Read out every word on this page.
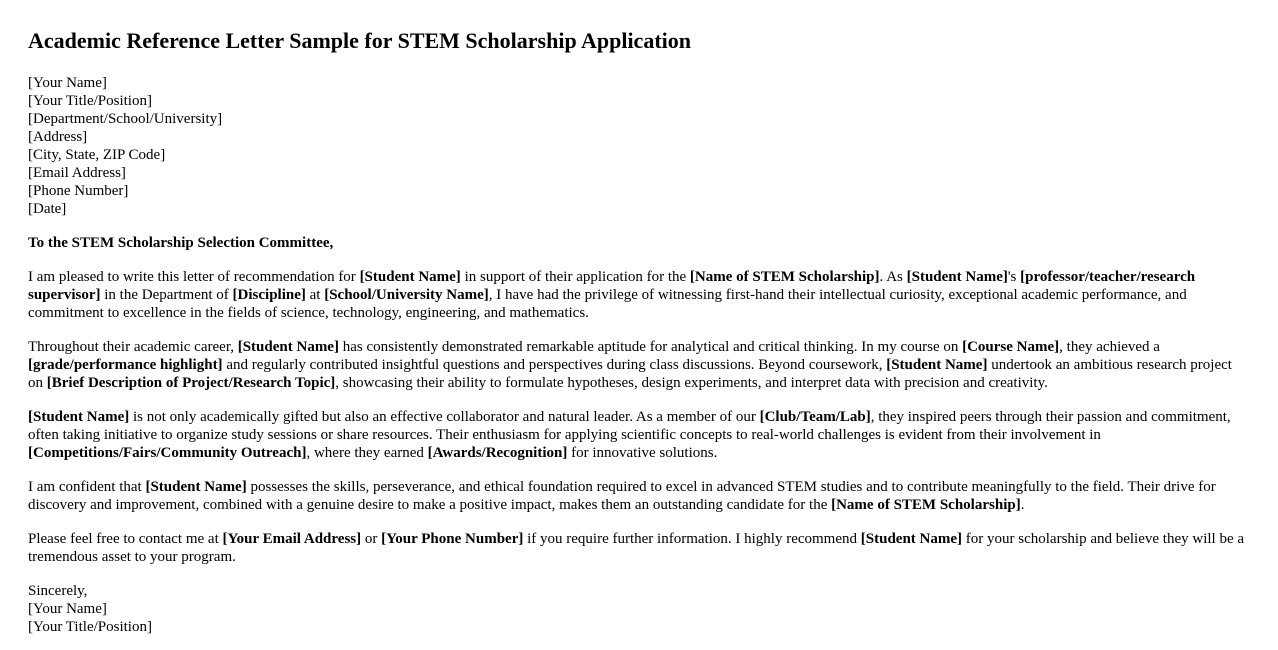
Academic Reference Letter Sample for STEM Scholarship Application
[Your Name]
[Your Title/Position]
[Department/School/University]
[Address]
[City, State, ZIP Code]
[Email Address]
[Phone Number]
[Date]

To the STEM Scholarship Selection Committee,

I am pleased to write this letter of recommendation for [Student Name] in support of their application for the [Name of STEM Scholarship]. As [Student Name]'s [professor/teacher/research supervisor] in the Department of [Discipline] at [School/University Name], I have had the privilege of witnessing first-hand their intellectual curiosity, exceptional academic performance, and commitment to excellence in the fields of science, technology, engineering, and mathematics.

Throughout their academic career, [Student Name] has consistently demonstrated remarkable aptitude for analytical and critical thinking. In my course on [Course Name], they achieved a [grade/performance highlight] and regularly contributed insightful questions and perspectives during class discussions. Beyond coursework, [Student Name] undertook an ambitious research project on [Brief Description of Project/Research Topic], showcasing their ability to formulate hypotheses, design experiments, and interpret data with precision and creativity.

[Student Name] is not only academically gifted but also an effective collaborator and natural leader. As a member of our [Club/Team/Lab], they inspired peers through their passion and commitment, often taking initiative to organize study sessions or share resources. Their enthusiasm for applying scientific concepts to real-world challenges is evident from their involvement in [Competitions/Fairs/Community Outreach], where they earned [Awards/Recognition] for innovative solutions.

I am confident that [Student Name] possesses the skills, perseverance, and ethical foundation required to excel in advanced STEM studies and to contribute meaningfully to the field. Their drive for discovery and improvement, combined with a genuine desire to make a positive impact, makes them an outstanding candidate for the [Name of STEM Scholarship].

Please feel free to contact me at [Your Email Address] or [Your Phone Number] if you require further information. I highly recommend [Student Name] for your scholarship and believe they will be a tremendous asset to your program.

Sincerely,
[Your Name]
[Your Title/Position]
